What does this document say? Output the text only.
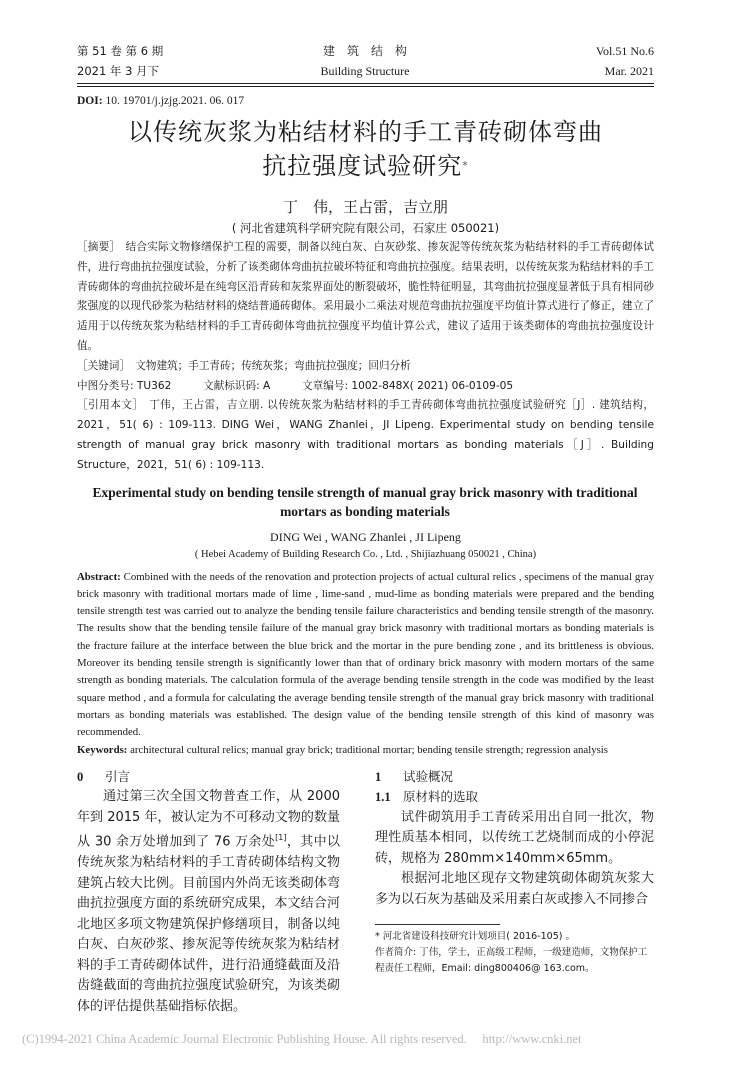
第 51 卷 第 6 期
2021 年 3 月下
建　筑　结　构
Building Structure
Vol.51 No.6
Mar. 2021
DOI: 10. 19701/j.jzjg.2021. 06. 017
以传统灰浆为粘结材料的手工青砖砌体弯曲
抗拉强度试验研究*
丁　伟，王占雷，吉立朋
( 河北省建筑科学研究院有限公司，石家庄 050021)

［摘要］　结合实际文物修缮保护工程的需要，制备以纯白灰、白灰砂浆、掺灰泥等传统灰浆为粘结材料的手工青砖砌体试件，进行弯曲抗拉强度试验，分析了该类砌体弯曲抗拉破坏特征和弯曲抗拉强度。结果表明，以传统灰浆为粘结材料的手工青砖砌体的弯曲抗拉破坏是在纯弯区沿青砖和灰浆界面处的断裂破坏，脆性特征明显，其弯曲抗拉强度显著低于具有相同砂浆强度的以现代砂浆为粘结材料的烧结普通砖砌体。采用最小二乘法对规范弯曲抗拉强度平均值计算式进行了修正，建立了适用于以传统灰浆为粘结材料的手工青砖砌体弯曲抗拉强度平均值计算公式，建议了适用于该类砌体的弯曲抗拉强度设计值。

［关键词］　文物建筑；手工青砖；传统灰浆；弯曲抗拉强度；回归分析

中图分类号: TU362　　　文献标识码: A　　　文章编号: 1002-848X( 2021) 06-0109-05

［引用本文］　丁伟，王占雷，吉立朋. 以传统灰浆为粘结材料的手工青砖砌体弯曲抗拉强度试验研究［J］. 建筑结构，2021，51( 6) : 109-113. DING Wei，WANG Zhanlei，JI Lipeng. Experimental study on bending tensile strength of manual gray brick masonry with traditional mortars as bonding materials［J］. Building Structure，2021，51( 6) : 109-113.

Experimental study on bending tensile strength of manual gray brick masonry with traditional mortars as bonding materials
DING Wei , WANG Zhanlei , JI Lipeng
( Hebei Academy of Building Research Co. , Ltd. , Shijiazhuang 050021 , China)

Abstract: Combined with the needs of the renovation and protection projects of actual cultural relics , specimens of the manual gray brick masonry with traditional mortars made of lime , lime-sand , mud-lime as bonding materials were prepared and the bending tensile strength test was carried out to analyze the bending tensile failure characteristics and bending tensile strength of the masonry. The results show that the bending tensile failure of the manual gray brick masonry with traditional mortars as bonding materials is the fracture failure at the interface between the blue brick and the mortar in the pure bending zone , and its brittleness is obvious. Moreover its bending tensile strength is significantly lower than that of ordinary brick masonry with modern mortars of the same strength as bonding materials. The calculation formula of the average bending tensile strength in the code was modified by the least square method , and a formula for calculating the average bending tensile strength of the manual gray brick masonry with traditional mortars as bonding materials was established. The design value of the bending tensile strength of this kind of masonry was recommended.

Keywords: architectural cultural relics; manual gray brick; traditional mortar; bending tensile strength; regression analysis

0 引言

通过第三次全国文物普查工作，从 2000 年到 2015 年，被认定为不可移动文物的数量从 30 余万处增加到了 76 万余处[1]，其中以传统灰浆为粘结材料的手工青砖砌体结构文物建筑占较大比例。目前国内外尚无该类砌体弯曲抗拉强度方面的系统研究成果，本文结合河北地区多项文物建筑保护修缮项目，制备以纯白灰、白灰砂浆、掺灰泥等传统灰浆为粘结材料的手工青砖砌体试件，进行沿通缝截面及沿齿缝截面的弯曲抗拉强度试验研究，为该类砌体的评估提供基础指标依据。

1 试验概况
1.1 原材料的选取

试件砌筑用手工青砖采用出自同一批次，物理性质基本相同，以传统工艺烧制而成的小停泥砖，规格为 280mm×140mm×65mm。

根据河北地区现存文物建筑砌体砌筑灰浆大多为以石灰为基础及采用素白灰或掺入不同掺合

* 河北省建设科技研究计划项目( 2016-105) 。

作者简介: 丁伟，学士，正高级工程师，一级建造师，文物保护工程责任工程师，Email: ding800406@ 163.com。

(C)1994-2021 China Academic Journal Electronic Publishing House. All rights reserved.　 http://www.cnki.net
